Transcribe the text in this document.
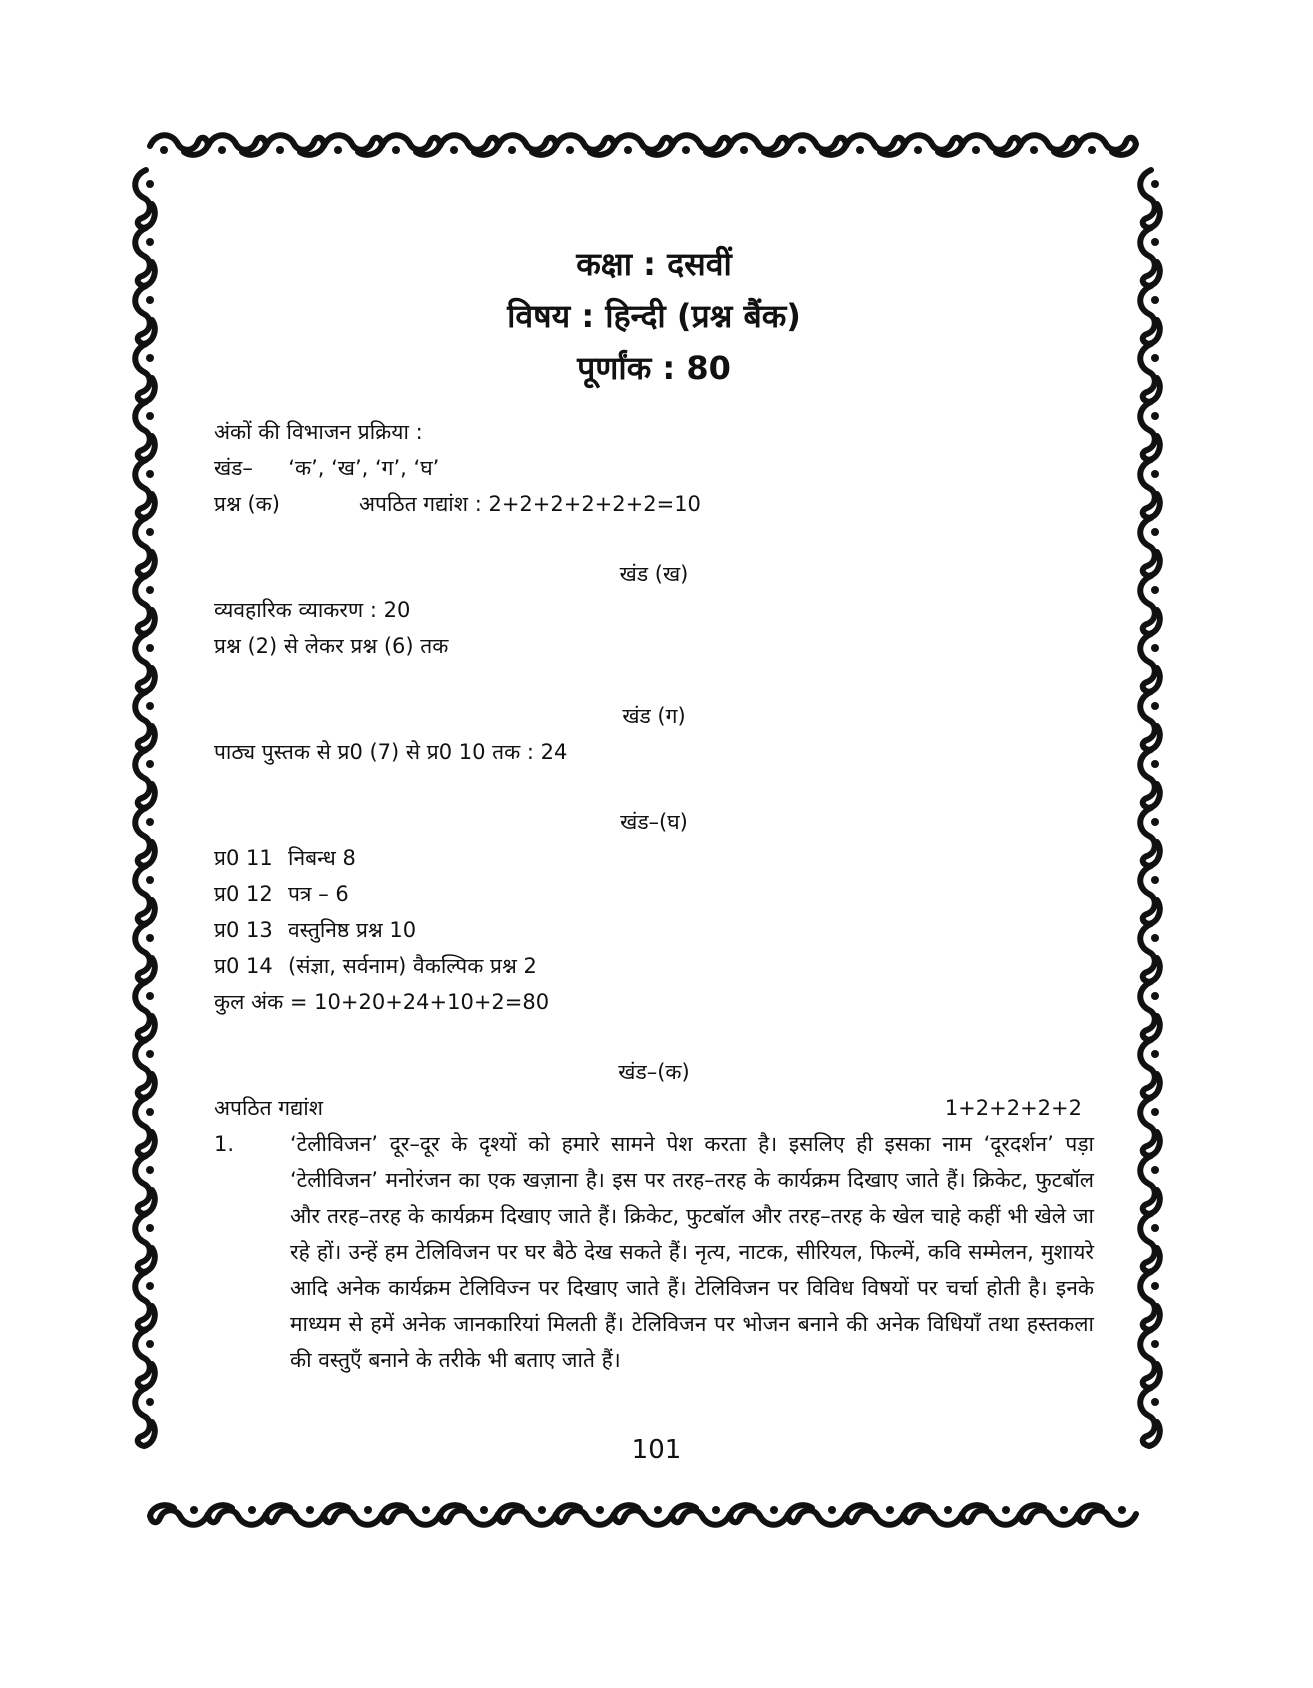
कक्षा : दसवीं

विषय : हिन्दी (प्रश्न बैंक)

पूर्णांक : 80

अंकों की विभाजन प्रक्रिया :

खंड– ‘क’, ‘ख’, ‘ग’, ‘घ’

प्रश्न (क)	अपठित गद्यांश : 2+2+2+2+2+2=10

खंड (ख)

व्यवहारिक व्याकरण : 20

प्रश्न (2) से लेकर प्रश्न (6) तक

खंड (ग)

पाठ्य पुस्तक से प्र0 (7) से प्र0 10 तक : 24

खंड–(घ)

प्र0 11 निबन्ध 8

प्र0 12 पत्र – 6

प्र0 13 वस्तुनिष्ठ प्रश्न 10

प्र0 14 (संज्ञा, सर्वनाम) वैकल्पिक प्रश्न 2

कुल अंक = 10+20+24+10+2=80

खंड–(क)

अपठित गद्यांश	1+2+2+2+2

1.	‘टेलीविजन’ दूर–दूर के दृश्यों को हमारे सामने पेश करता है। इसलिए ही इसका नाम ‘दूरदर्शन’ पड़ा ‘टेलीविजन’ मनोरंजन का एक खज़ाना है। इस पर तरह–तरह के कार्यक्रम दिखाए जाते हैं। क्रिकेट, फुटबॉल और तरह–तरह के कार्यक्रम दिखाए जाते हैं। क्रिकेट, फुटबॉल और तरह–तरह के खेल चाहे कहीं भी खेले जा रहे हों। उन्हें हम टेलिविजन पर घर बैठे देख सकते हैं। नृत्य, नाटक, सीरियल, फिल्में, कवि सम्मेलन, मुशायरे आदि अनेक कार्यक्रम टेलिविज्न पर दिखाए जाते हैं। टेलिविजन पर विविध विषयों पर चर्चा होती है। इनके माध्यम से हमें अनेक जानकारियां मिलती हैं। टेलिविजन पर भोजन बनाने की अनेक विधियाँ तथा हस्तकला की वस्तुएँ बनाने के तरीके भी बताए जाते हैं।
101
